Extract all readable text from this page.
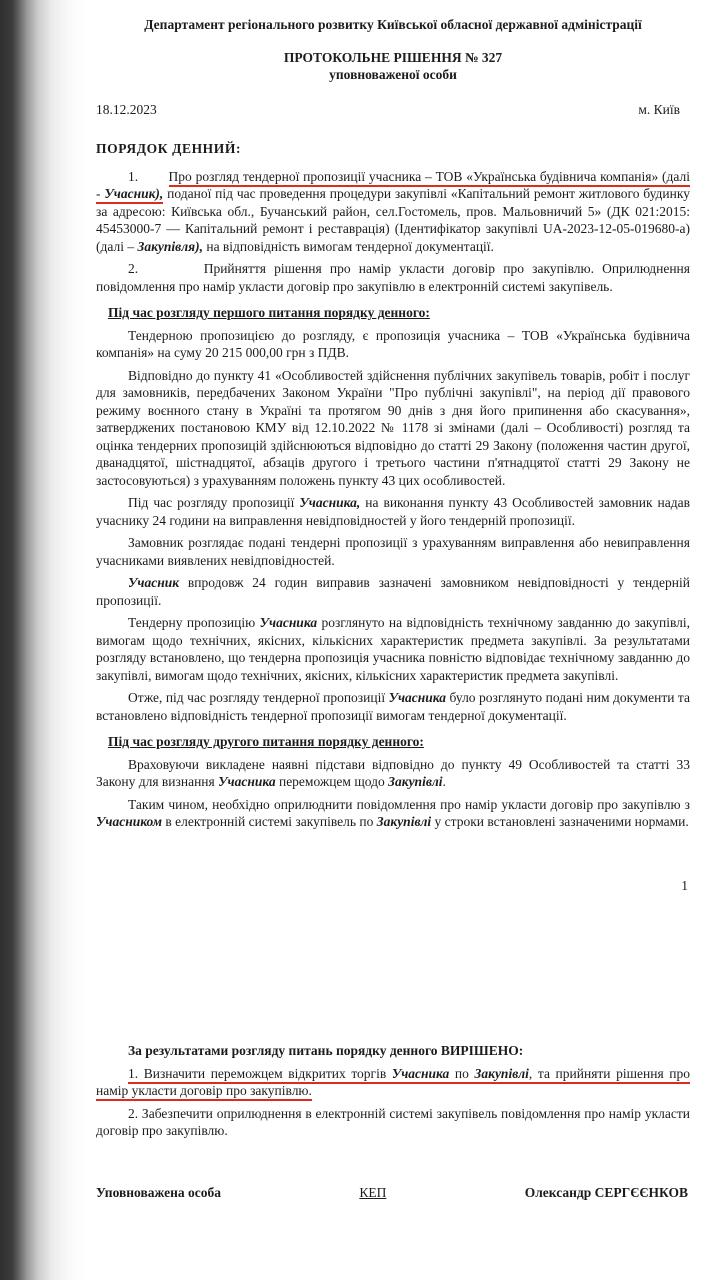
Департамент регіонального розвитку Київської обласної державної адміністрації

ПРОТОКОЛЬНЕ РІШЕННЯ № 327

уповноваженої особи

18.12.2023	м. Київ

ПОРЯДОК ДЕННИЙ:

1.        Про розгляд тендерної пропозиції учасника – ТОВ «Українська будівнича компанія» (далі - Учасник), поданої під час проведення процедури закупівлі «Капітальний ремонт житлового будинку за адресою: Київська обл., Бучанський район, сел.Гостомель, пров. Мальовничий 5» (ДК 021:2015: 45453000-7 — Капітальний ремонт і реставрація) (Ідентифікатор закупівлі UA-2023-12-05-019680-a) (далі – Закупівля), на відповідність вимогам тендерної документації.

2.        Прийняття рішення про намір укласти договір про закупівлю. Оприлюднення повідомлення про намір укласти договір про закупівлю в електронній системі закупівель.

Під час розгляду першого питання порядку денного:

Тендерною пропозицією до розгляду, є пропозиція учасника – ТОВ «Українська будівнича компанія» на суму 20 215 000,00 грн з ПДВ.

Відповідно до пункту 41 «Особливостей здійснення публічних закупівель товарів, робіт і послуг для замовників, передбачених Законом України "Про публічні закупівлі", на період дії правового режиму воєнного стану в Україні та протягом 90 днів з дня його припинення або скасування», затверджених постановою КМУ від 12.10.2022 № 1178 зі змінами (далі – Особливості) розгляд та оцінка тендерних пропозицій здійснюються відповідно до статті 29 Закону (положення частин другої, дванадцятої, шістнадцятої, абзаців другого і третього частини п'ятнадцятої статті 29 Закону не застосовуються) з урахуванням положень пункту 43 цих особливостей.

Під час розгляду пропозиції Учасника, на виконання пункту 43 Особливостей замовник надав учаснику 24 години на виправлення невідповідностей у його тендерній пропозиції.

Замовник розглядає подані тендерні пропозиції з урахуванням виправлення або невиправлення учасниками виявлених невідповідностей.

Учасник впродовж 24 годин виправив зазначені замовником невідповідності у тендерній пропозиції.

Тендерну пропозицію Учасника розглянуто на відповідність технічному завданню до закупівлі, вимогам щодо технічних, якісних, кількісних характеристик предмета закупівлі. За результатами розгляду встановлено, що тендерна пропозиція учасника повністю відповідає технічному завданню до закупівлі, вимогам щодо технічних, якісних, кількісних характеристик предмета закупівлі.

Отже, під час розгляду тендерної пропозиції Учасника було розглянуто подані ним документи та встановлено відповідність тендерної пропозиції вимогам тендерної документації.

Під час розгляду другого питання порядку денного:

Враховуючи викладене наявні підстави відповідно до пункту 49 Особливостей та статті 33 Закону для визнання Учасника переможцем щодо Закупівлі.

Таким чином, необхідно оприлюднити повідомлення про намір укласти договір про закупівлю з Учасником в електронній системі закупівель по Закупівлі у строки встановлені зазначеними нормами.

1

За результатами розгляду питань порядку денного ВИРІШЕНО:

1. Визначити переможцем відкритих торгів Учасника по Закупівлі, та прийняти рішення про намір укласти договір про закупівлю.

2. Забезпечити оприлюднення в електронній системі закупівель повідомлення про намір укласти договір про закупівлю.

Уповноважена особа	КЕП	Олександр СЕРГЄЄНКОВ
